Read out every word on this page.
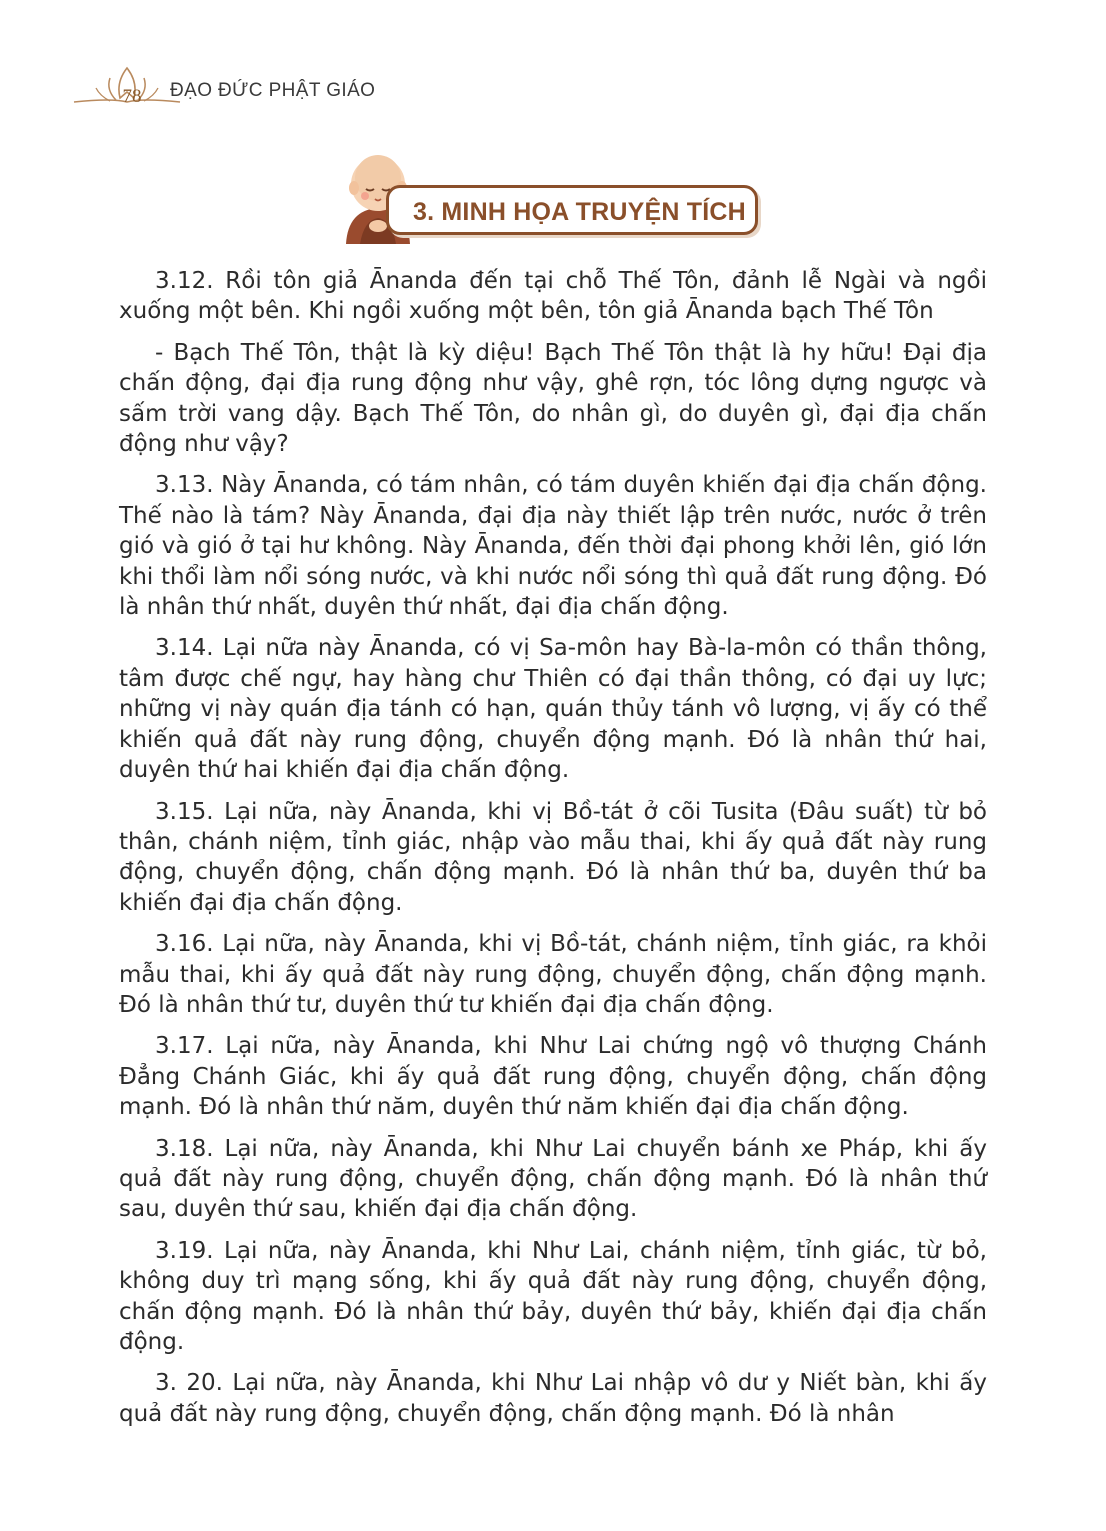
78	ĐẠO ĐỨC PHẬT GIÁO
3. MINH HỌA TRUYỆN TÍCH

3.12. Rồi tôn giả Ānanda đến tại chỗ Thế Tôn, đảnh lễ Ngài và ngồi xuống một bên. Khi ngồi xuống một bên, tôn giả Ānanda bạch Thế Tôn

- Bạch Thế Tôn, thật là kỳ diệu! Bạch Thế Tôn thật là hy hữu! Đại địa chấn động, đại địa rung động như vậy, ghê rợn, tóc lông dựng ngược và sấm trời vang dậy. Bạch Thế Tôn, do nhân gì, do duyên gì, đại địa chấn động như vậy?

3.13. Này Ānanda, có tám nhân, có tám duyên khiến đại địa chấn động. Thế nào là tám? Này Ānanda, đại địa này thiết lập trên nước, nước ở trên gió và gió ở tại hư không. Này Ānanda, đến thời đại phong khởi lên, gió lớn khi thổi làm nổi sóng nước, và khi nước nổi sóng thì quả đất rung động. Đó là nhân thứ nhất, duyên thứ nhất, đại địa chấn động.

3.14. Lại nữa này Ānanda, có vị Sa-môn hay Bà-la-môn có thần thông, tâm được chế ngự, hay hàng chư Thiên có đại thần thông, có đại uy lực; những vị này quán địa tánh có hạn, quán thủy tánh vô lượng, vị ấy có thể khiến quả đất này rung động, chuyển động mạnh. Đó là nhân thứ hai, duyên thứ hai khiến đại địa chấn động.

3.15. Lại nữa, này Ānanda, khi vị Bồ-tát ở cõi Tusita (Đâu suất) từ bỏ thân, chánh niệm, tỉnh giác, nhập vào mẫu thai, khi ấy quả đất này rung động, chuyển động, chấn động mạnh. Đó là nhân thứ ba, duyên thứ ba khiến đại địa chấn động.

3.16. Lại nữa, này Ānanda, khi vị Bồ-tát, chánh niệm, tỉnh giác, ra khỏi mẫu thai, khi ấy quả đất này rung động, chuyển động, chấn động mạnh. Đó là nhân thứ tư, duyên thứ tư khiến đại địa chấn động.

3.17. Lại nữa, này Ānanda, khi Như Lai chứng ngộ vô thượng Chánh Đẳng Chánh Giác, khi ấy quả đất rung động, chuyển động, chấn động mạnh. Đó là nhân thứ năm, duyên thứ năm khiến đại địa chấn động.

3.18. Lại nữa, này Ānanda, khi Như Lai chuyển bánh xe Pháp, khi ấy quả đất này rung động, chuyển động, chấn động mạnh. Đó là nhân thứ sau, duyên thứ sau, khiến đại địa chấn động.

3.19. Lại nữa, này Ānanda, khi Như Lai, chánh niệm, tỉnh giác, từ bỏ, không duy trì mạng sống, khi ấy quả đất này rung động, chuyển động, chấn động mạnh. Đó là nhân thứ bảy, duyên thứ bảy, khiến đại địa chấn động.

3. 20. Lại nữa, này Ānanda, khi Như Lai nhập vô dư y Niết bàn, khi ấy quả đất này rung động, chuyển động, chấn động mạnh. Đó là nhân
